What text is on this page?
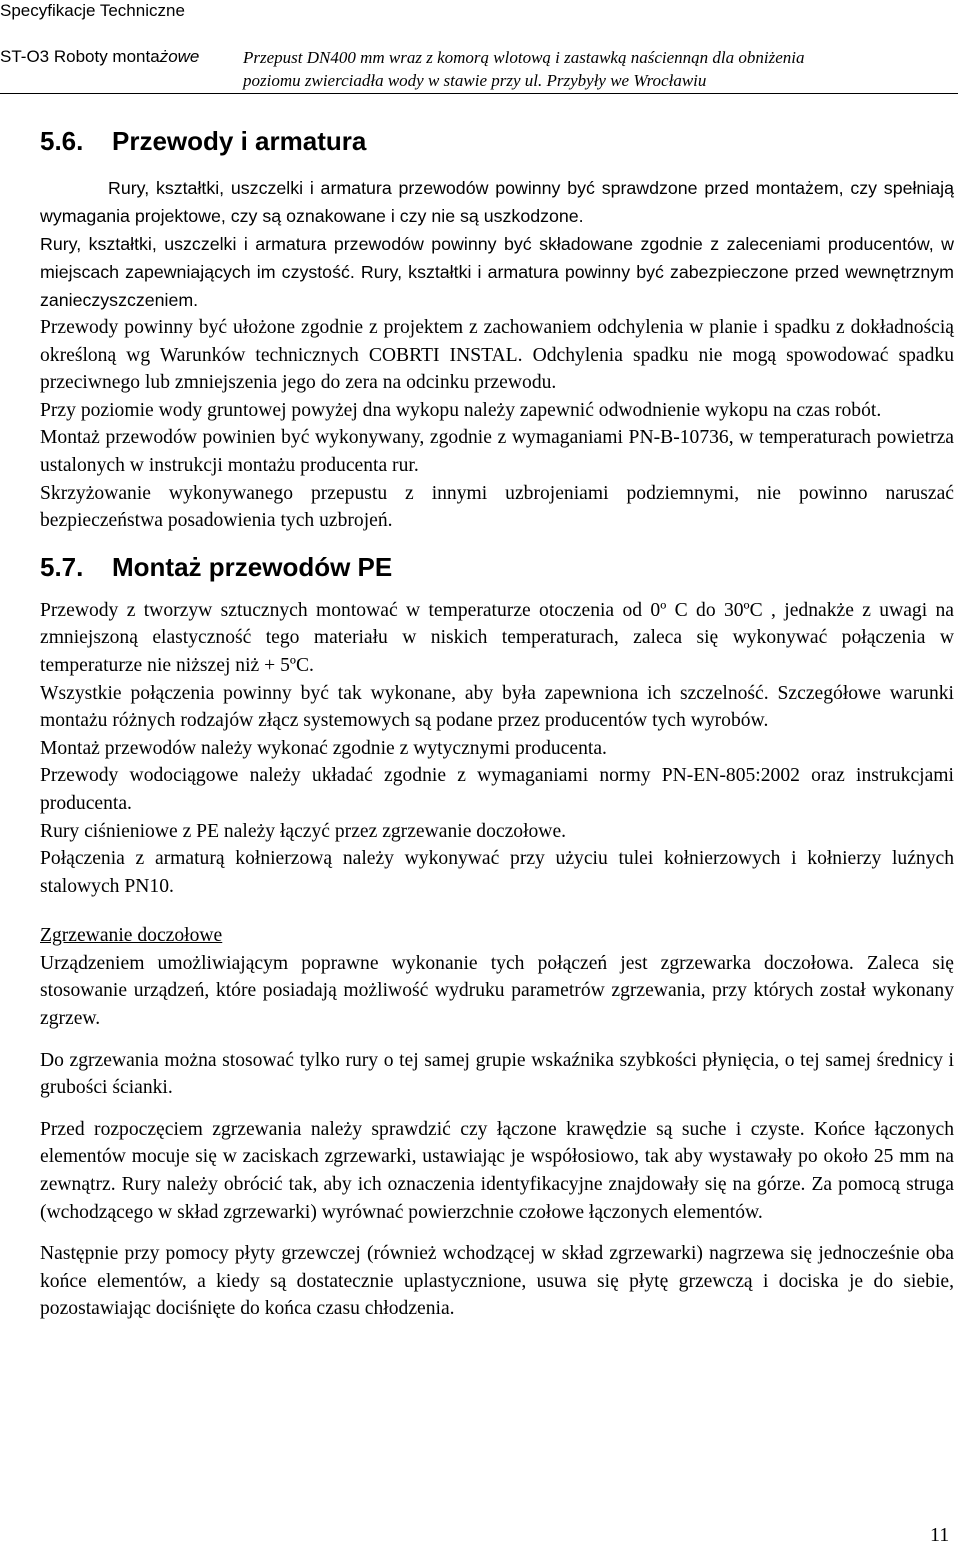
Specyfikacje Techniczne
ST-O3 Roboty montażowe	Przepust DN400 mm wraz z komorą wlotową i zastawką naściennąn dla obniżenia
poziomu zwierciadła wody w stawie przy ul. Przybyły we Wrocławiu
5.6. Przewody i armatura

Rury, kształtki, uszczelki i armatura przewodów powinny być sprawdzone przed montażem, czy spełniają wymagania projektowe, czy są oznakowane i czy nie są uszkodzone.

Rury, kształtki, uszczelki i armatura przewodów powinny być składowane zgodnie z zaleceniami producentów, w miejscach zapewniających im czystość. Rury, kształtki i armatura powinny być zabezpieczone przed wewnętrznym zanieczyszczeniem.

Przewody powinny być ułożone zgodnie z projektem z zachowaniem odchylenia w planie i spadku z dokładnością określoną wg Warunków technicznych COBRTI INSTAL. Odchylenia spadku nie mogą spowodować spadku przeciwnego lub zmniejszenia jego do zera na odcinku przewodu.

Przy poziomie wody gruntowej powyżej dna wykopu należy zapewnić odwodnienie wykopu na czas robót.

Montaż przewodów powinien być wykonywany, zgodnie z wymaganiami PN-B-10736, w temperaturach powietrza ustalonych w instrukcji montażu producenta rur.

Skrzyżowanie wykonywanego przepustu z innymi uzbrojeniami podziemnymi, nie powinno naruszać bezpieczeństwa posadowienia tych uzbrojeń.

5.7. Montaż przewodów PE

Przewody z tworzyw sztucznych montować w temperaturze otoczenia od 0º C do 30ºC , jednakże z uwagi na zmniejszoną elastyczność tego materiału w niskich temperaturach, zaleca się wykonywać połączenia w temperaturze nie niższej niż + 5ºC.

Wszystkie połączenia powinny być tak wykonane, aby była zapewniona ich szczelność. Szczegółowe warunki montażu różnych rodzajów złącz systemowych są podane przez producentów tych wyrobów.

Montaż przewodów należy wykonać zgodnie z wytycznymi producenta.

Przewody wodociągowe należy układać zgodnie z wymaganiami normy PN-EN-805:2002 oraz instrukcjami producenta.

Rury ciśnieniowe z PE należy łączyć przez zgrzewanie doczołowe.

Połączenia z armaturą kołnierzową należy wykonywać przy użyciu tulei kołnierzowych i kołnierzy luźnych stalowych PN10.

Zgrzewanie doczołowe

Urządzeniem umożliwiającym poprawne wykonanie tych połączeń jest zgrzewarka doczołowa. Zaleca się stosowanie urządzeń, które posiadają możliwość wydruku parametrów zgrzewania, przy których został wykonany zgrzew.

Do zgrzewania można stosować tylko rury o tej samej grupie wskaźnika szybkości płynięcia, o tej samej średnicy i grubości ścianki.

Przed rozpoczęciem zgrzewania należy sprawdzić czy łączone krawędzie są suche i czyste. Końce łączonych elementów mocuje się w zaciskach zgrzewarki, ustawiając je współosiowo, tak aby wystawały po około 25 mm na zewnątrz. Rury należy obrócić tak, aby ich oznaczenia identyfikacyjne znajdowały się na górze. Za pomocą struga (wchodzącego w skład zgrzewarki) wyrównać powierzchnie czołowe łączonych elementów.

Następnie przy pomocy płyty grzewczej (również wchodzącej w skład zgrzewarki) nagrzewa się jednocześnie oba końce elementów, a kiedy są dostatecznie uplastycznione, usuwa się płytę grzewczą i dociska je do siebie, pozostawiając dociśnięte do końca czasu chłodzenia.

11
